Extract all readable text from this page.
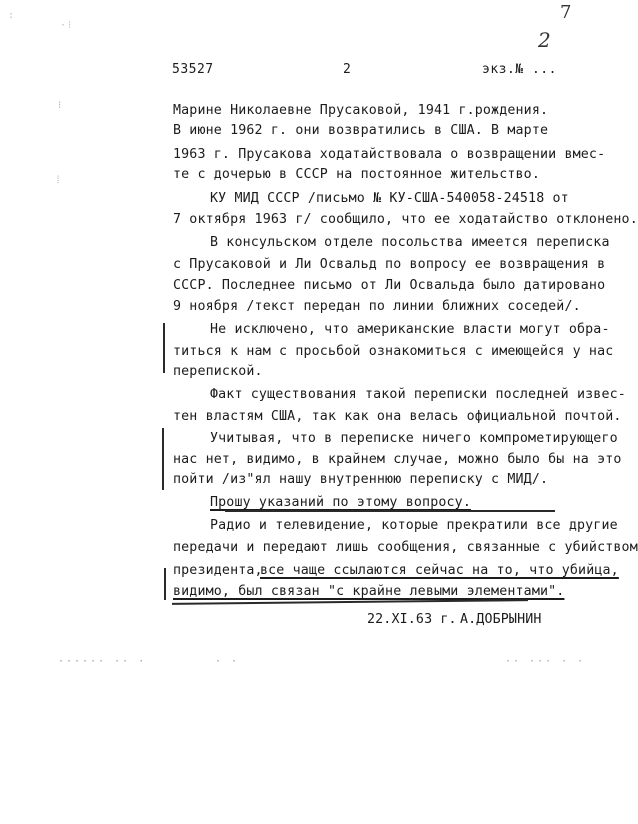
:
·⁝
⁝
⁞
7
2
53527	2	экз.№ ...
Марине Николаевне Прусаковой, 1941 г.рождения.
В июне 1962 г. они возвратились в США. В марте
1963 г. Прусакова ходатайствовала о возвращении вмес-
те с дочерью в СССР на постоянное жительство.
КУ МИД СССР /письмо № КУ-США-540058-24518 от
7 октября 1963 г/ сообщило, что ее ходатайство отклонено.
В консульском отделе посольства имеется переписка
с Прусаковой и Ли Освальд по вопросу ее возвращения в
СССР. Последнее письмо от Ли Освальда было датировано
9 ноября /текст передан по линии ближних соседей/.
Не исключено, что американские власти могут обра-
титься к нам с просьбой ознакомиться с имеющейся у нас
перепиской.
Факт существования такой переписки последней извес-
тен властям США, так как она велась официальной почтой.
Учитывая, что в переписке ничего компрометирующего
нас нет, видимо, в крайнем случае, можно было бы на это
пойти /из"ял нашу внутреннюю переписку с МИД/.
Прошу указаний по этому вопросу.
Радио и телевидение, которые прекратили все другие
передачи и передают лишь сообщения, связанные с убийством
президента,
все чаще ссылаются сейчас на то, что убийца,
видимо, был связан "с крайне левыми элементами".
22.XI.63 г. А.ДОБРЫНИН
······ ·· ·	· ·	·· ··· · ·
